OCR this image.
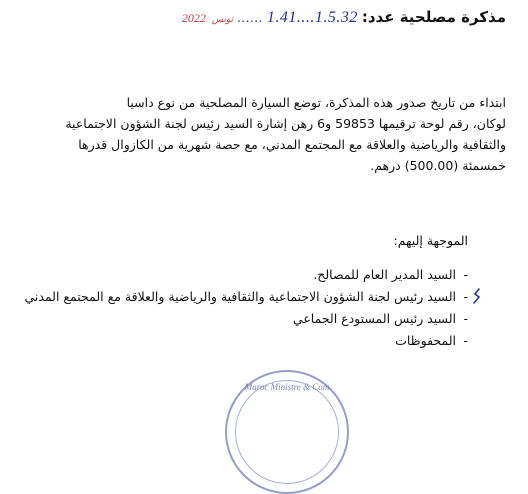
مذكرة مصلحية عدد:
1.41....1.5.32
......
تونس
2022

ابتداء من تاريخ صدور هذه المذكرة، توضع السيارة المصلحية من نوع داسيا

لوكان، رقم لوحة ترقيمها 59853 و6 رهن إشارة السيد رئيس لجنة الشؤون الاجتماعية

والثقافية والرياضية والعلاقة مع المجتمع المدني، مع حصة شهرية من الكازوال قدرها

خمسمئة (500.00) درهم.

الموجهة إليهم:

-
السيد المدير العام للمصالح.
-
السيد رئيس لجنة الشؤون الاجتماعية والثقافية والرياضية والعلاقة مع المجتمع المدني
-
السيد رئيس المستودع الجماعي
-
المحفوظات
Maroc Ministre & Com
